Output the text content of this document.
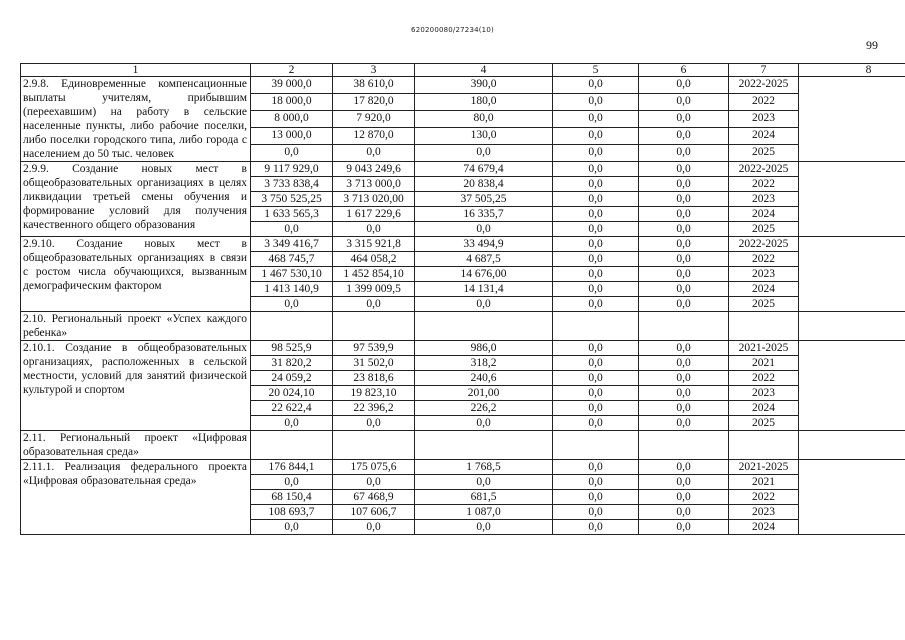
620200080/27234(10)
99
1	2	3	4	5	6	7	8
2.9.8. Единовременные компенсационные выплаты учителям, прибывшим (переехавшим) на работу в сельские населенные пункты, либо рабочие поселки, либо поселки городского типа, либо города с населением до 50 тыс. человек	39 000,0	38 610,0	390,0	0,0	0,0	2022-2025	
	18 000,0	17 820,0	180,0	0,0	0,0	2022	
	8 000,0	7 920,0	80,0	0,0	0,0	2023	
	13 000,0	12 870,0	130,0	0,0	0,0	2024	
	0,0	0,0	0,0	0,0	0,0	2025	
2.9.9. Создание новых мест в общеобразовательных организациях в целях ликвидации третьей смены обучения и формирование условий для получения качественного общего образования	9 117 929,0	9 043 249,6	74 679,4	0,0	0,0	2022-2025	
	3 733 838,4	3 713 000,0	20 838,4	0,0	0,0	2022	
	3 750 525,25	3 713 020,00	37 505,25	0,0	0,0	2023	
	1 633 565,3	1 617 229,6	16 335,7	0,0	0,0	2024	
	0,0	0,0	0,0	0,0	0,0	2025	
2.9.10. Создание новых мест в общеобразовательных организациях в связи с ростом числа обучающихся, вызванным демографическим фактором	3 349 416,7	3 315 921,8	33 494,9	0,0	0,0	2022-2025	
	468 745,7	464 058,2	4 687,5	0,0	0,0	2022	
	1 467 530,10	1 452 854,10	14 676,00	0,0	0,0	2023	
	1 413 140,9	1 399 009,5	14 131,4	0,0	0,0	2024	
	0,0	0,0	0,0	0,0	0,0	2025	
2.10. Региональный проект «Успех каждого ребенка»							
2.10.1. Создание в общеобразовательных организациях, расположенных в сельской местности, условий для занятий физической культурой и спортом	98 525,9	97 539,9	986,0	0,0	0,0	2021-2025	
	31 820,2	31 502,0	318,2	0,0	0,0	2021	
	24 059,2	23 818,6	240,6	0,0	0,0	2022	
	20 024,10	19 823,10	201,00	0,0	0,0	2023	
	22 622,4	22 396,2	226,2	0,0	0,0	2024	
	0,0	0,0	0,0	0,0	0,0	2025	
2.11. Региональный проект «Цифровая образовательная среда»							
2.11.1. Реализация федерального проекта «Цифровая образовательная среда»	176 844,1	175 075,6	1 768,5	0,0	0,0	2021-2025	
	0,0	0,0	0,0	0,0	0,0	2021	
	68 150,4	67 468,9	681,5	0,0	0,0	2022	
	108 693,7	107 606,7	1 087,0	0,0	0,0	2023	
	0,0	0,0	0,0	0,0	0,0	2024	
